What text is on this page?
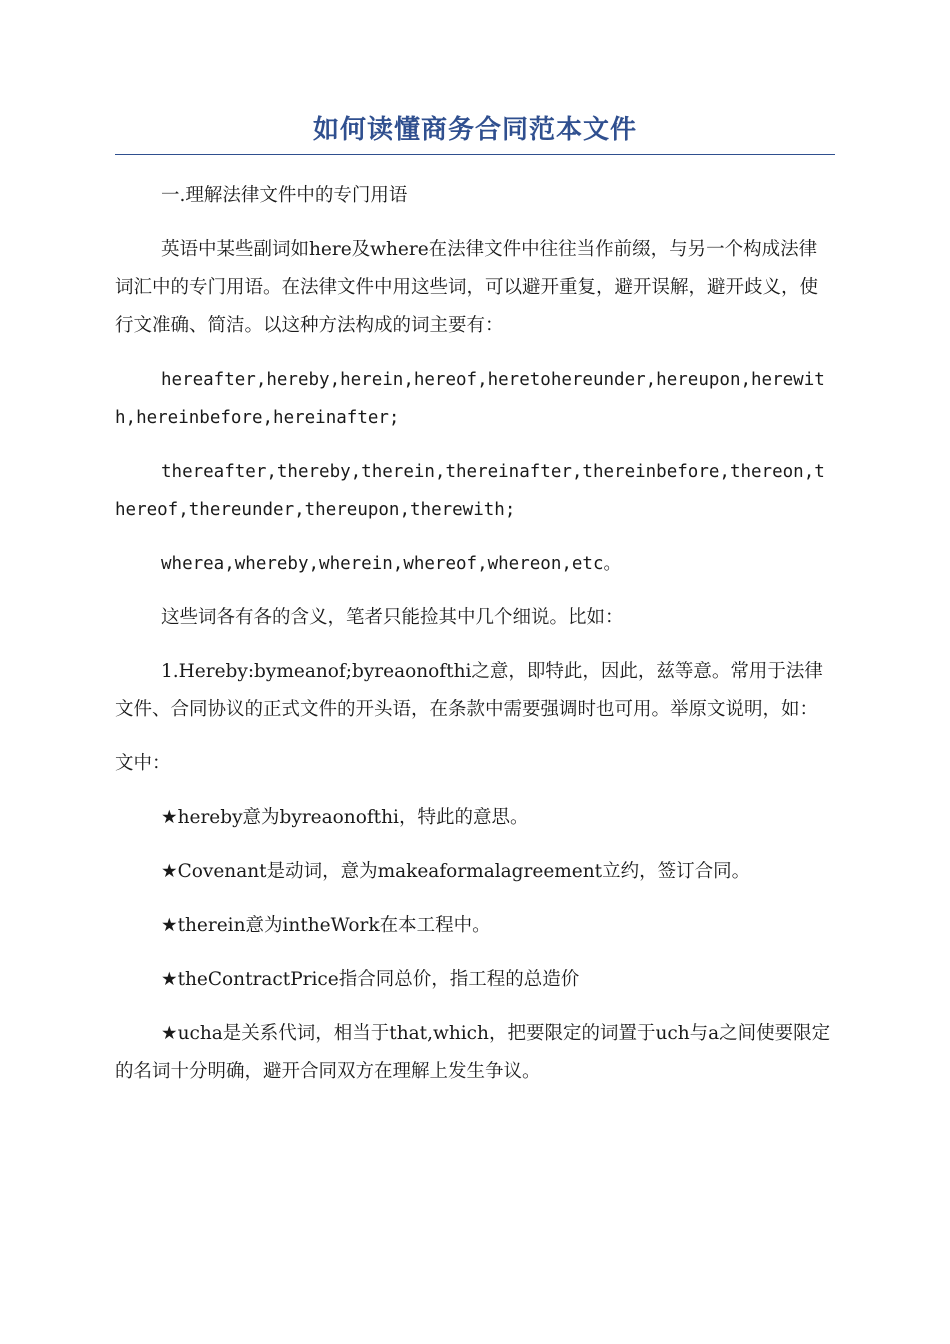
如何读懂商务合同范本文件

一.理解法律文件中的专门用语

英语中某些副词如here及where在法律文件中往往当作前缀，与另一个构成法律词汇中的专门用语。在法律文件中用这些词，可以避开重复，避开误解，避开歧义，使行文准确、简洁。以这种方法构成的词主要有：

hereafter,hereby,herein,hereof,heretohereunder,hereupon,herewith,hereinbefore,hereinafter;

thereafter,thereby,therein,thereinafter,thereinbefore,thereon,thereof,thereunder,thereupon,therewith;

wherea,whereby,wherein,whereof,whereon,etc。

这些词各有各的含义，笔者只能捡其中几个细说。比如：

1.Hereby:bymeanof;byreaonofthi之意，即特此，因此，兹等意。常用于法律文件、合同协议的正式文件的开头语，在条款中需要强调时也可用。举原文说明，如：

文中：

★hereby意为byreaonofthi，特此的意思。

★Covenant是动词，意为makeaformalagreement立约，签订合同。

★therein意为intheWork在本工程中。

★theContractPrice指合同总价，指工程的总造价

★ucha是关系代词，相当于that,which，把要限定的词置于uch与a之间使要限定的名词十分明确，避开合同双方在理解上发生争议。
